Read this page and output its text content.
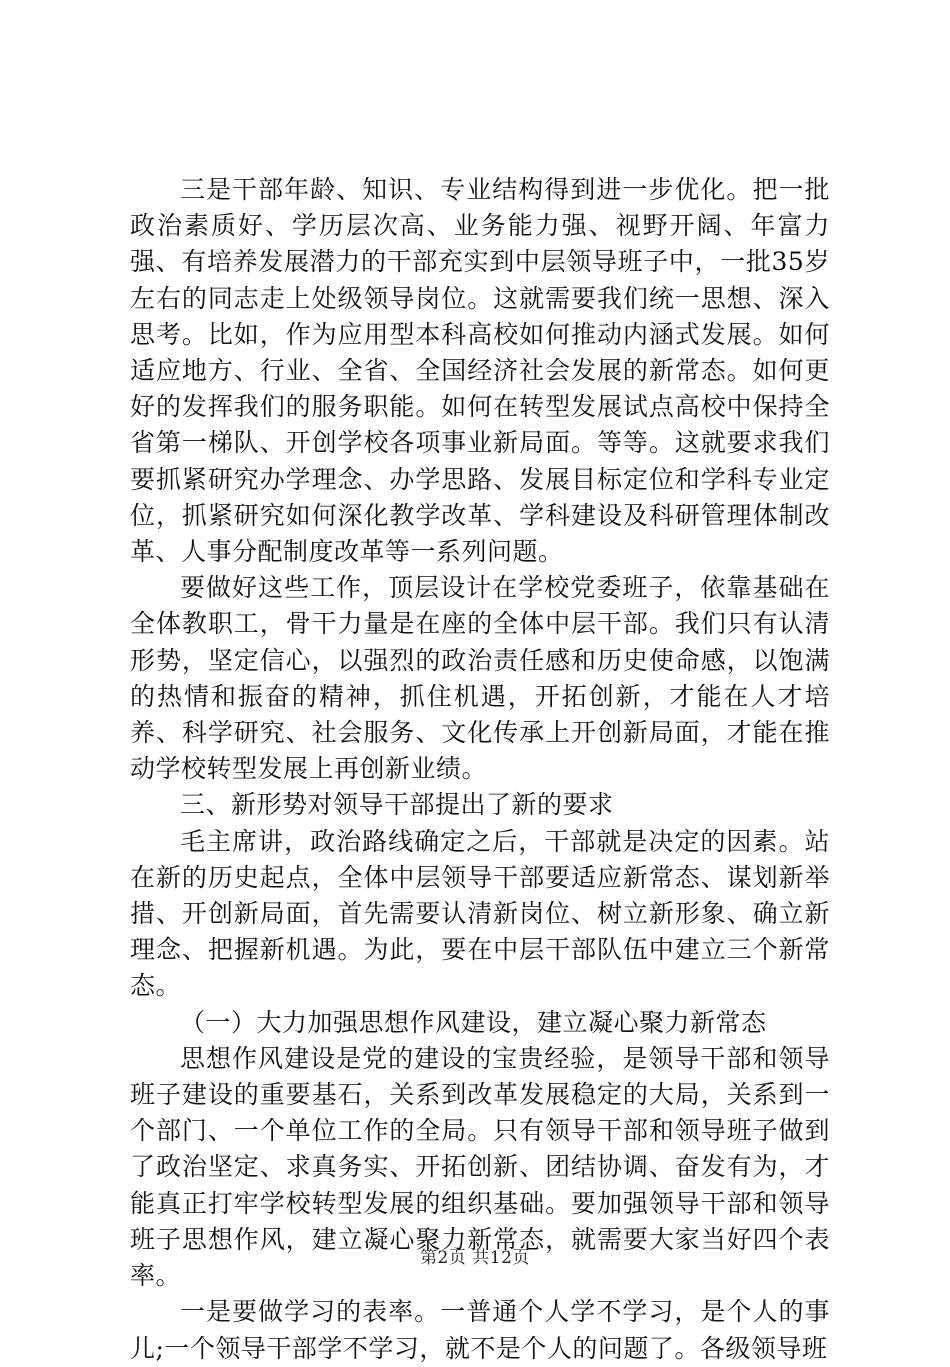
三是干部年龄、知识、专业结构得到进一步优化。把一批政治素质好、学历层次高、业务能力强、视野开阔、年富力强、有培养发展潜力的干部充实到中层领导班子中，一批35岁左右的同志走上处级领导岗位。这就需要我们统一思想、深入思考。比如，作为应用型本科高校如何推动内涵式发展。如何适应地方、行业、全省、全国经济社会发展的新常态。如何更好的发挥我们的服务职能。如何在转型发展试点高校中保持全省第一梯队、开创学校各项事业新局面。等等。这就要求我们要抓紧研究办学理念、办学思路、发展目标定位和学科专业定位，抓紧研究如何深化教学改革、学科建设及科研管理体制改革、人事分配制度改革等一系列问题。

要做好这些工作，顶层设计在学校党委班子，依靠基础在全体教职工，骨干力量是在座的全体中层干部。我们只有认清形势，坚定信心，以强烈的政治责任感和历史使命感，以饱满的热情和振奋的精神，抓住机遇，开拓创新，才能在人才培养、科学研究、社会服务、文化传承上开创新局面，才能在推动学校转型发展上再创新业绩。

三、新形势对领导干部提出了新的要求

毛主席讲，政治路线确定之后，干部就是决定的因素。站在新的历史起点，全体中层领导干部要适应新常态、谋划新举措、开创新局面，首先需要认清新岗位、树立新形象、确立新理念、把握新机遇。为此，要在中层干部队伍中建立三个新常态。

（一）大力加强思想作风建设，建立凝心聚力新常态

思想作风建设是党的建设的宝贵经验，是领导干部和领导班子建设的重要基石，关系到改革发展稳定的大局，关系到一个部门、一个单位工作的全局。只有领导干部和领导班子做到了政治坚定、求真务实、开拓创新、团结协调、奋发有为，才能真正打牢学校转型发展的组织基础。要加强领导干部和领导班子思想作风，建立凝心聚力新常态，就需要大家当好四个表率。

一是要做学习的表率。一普通个人学不学习，是个人的事儿;一个领导干部学不学习，就不是个人的问题了。各级领导班

第2页 共12页
